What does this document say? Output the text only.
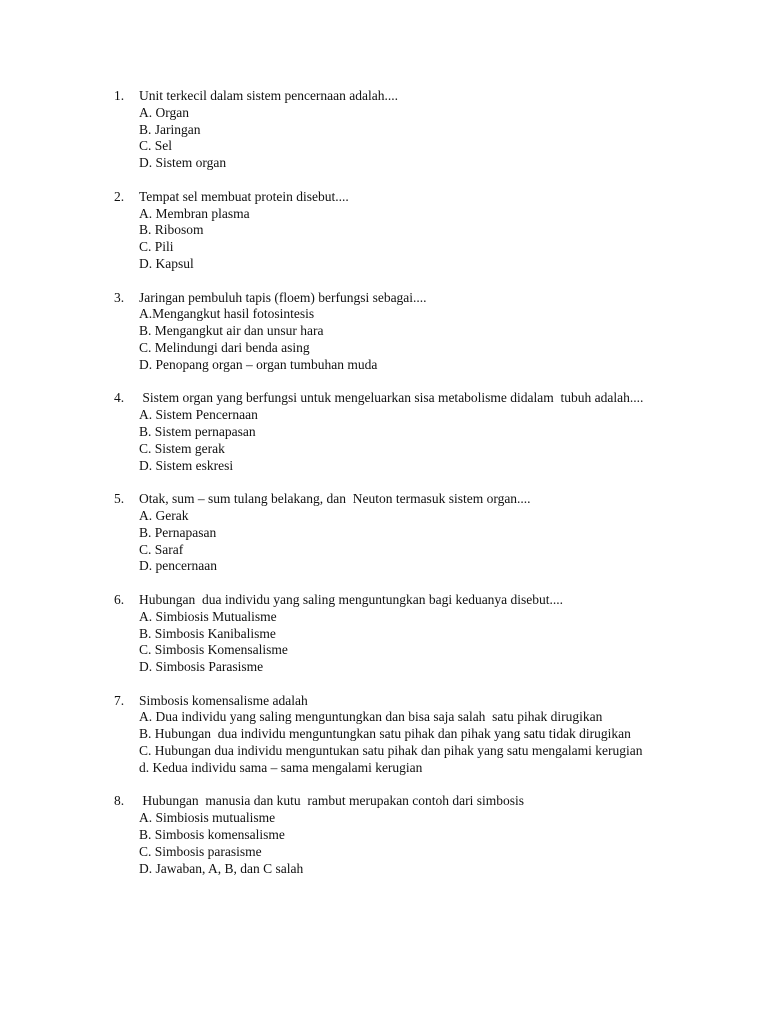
1. Unit terkecil dalam sistem pencernaan adalah....
A. Organ
B. Jaringan
C. Sel
D. Sistem organ
2. Tempat sel membuat protein disebut....
A. Membran plasma
B. Ribosom
C. Pili
D. Kapsul
3. Jaringan pembuluh tapis (floem) berfungsi sebagai....
A.Mengangkut hasil fotosintesis
B. Mengangkut air dan unsur hara
C. Melindungi dari benda asing
D. Penopang organ – organ tumbuhan muda
4. Sistem organ yang berfungsi untuk mengeluarkan sisa metabolisme didalam  tubuh adalah....
A. Sistem Pencernaan
B. Sistem pernapasan
C. Sistem gerak
D. Sistem eskresi
5. Otak, sum – sum tulang belakang, dan  Neuton termasuk sistem organ....
A. Gerak
B. Pernapasan
C. Saraf
D. pencernaan
6. Hubungan  dua individu yang saling menguntungkan bagi keduanya disebut....
A. Simbiosis Mutualisme
B. Simbosis Kanibalisme
C. Simbosis Komensalisme
D. Simbosis Parasisme
7. Simbosis komensalisme adalah
A. Dua individu yang saling menguntungkan dan bisa saja salah  satu pihak dirugikan
B. Hubungan  dua individu menguntungkan satu pihak dan pihak yang satu tidak dirugikan
C. Hubungan dua individu menguntukan satu pihak dan pihak yang satu mengalami kerugian
d. Kedua individu sama – sama mengalami kerugian
8. Hubungan  manusia dan kutu  rambut merupakan contoh dari simbosis
A. Simbiosis mutualisme
B. Simbosis komensalisme
C. Simbosis parasisme
D. Jawaban, A, B, dan C salah
